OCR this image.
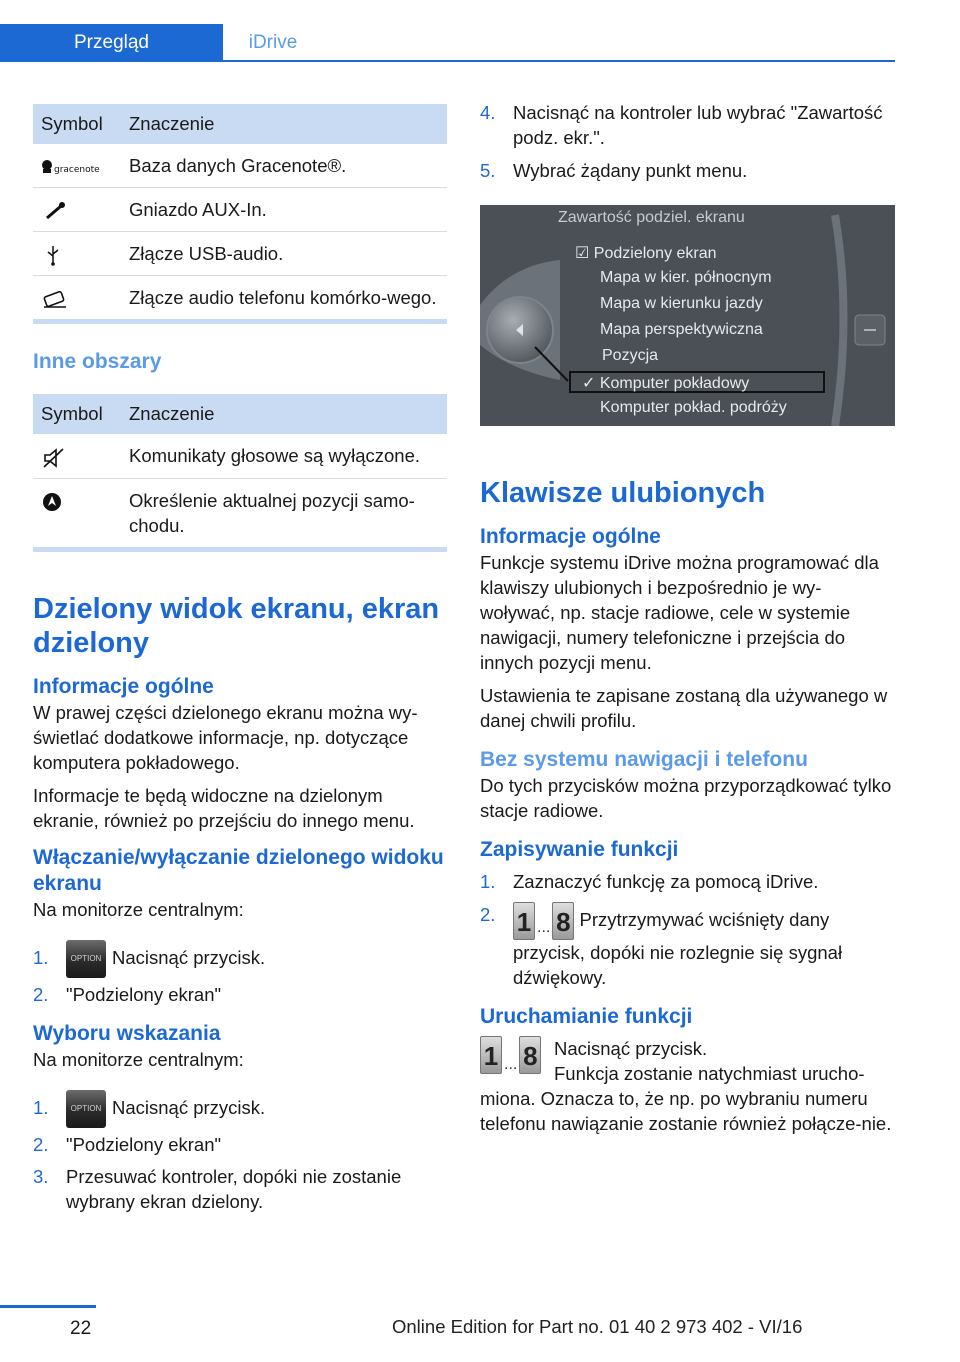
Przegląd	iDrive
Symbol	Znaczenie

gracenote	Baza danych Gracenote®.
	Gniazdo AUX-In.
	Złącze USB-audio.
	Złącze audio telefonu komórko‐wego.
Inne obszary
Symbol	Znaczenie
	Komunikaty głosowe są wyłączone.
	Określenie aktualnej pozycji samo‐chodu.
Dzielony widok ekranu, ekran dzielony
Informacje ogólne

W prawej części dzielonego ekranu można wy‐świetlać dodatkowe informacje, np. dotyczące komputera pokładowego.

Informacje te będą widoczne na dzielonym ekranie, również po przejściu do innego menu.

Włączanie/wyłączanie dzielonego widoku ekranu

Na monitorze centralnym:

1.	OPTION Nacisnąć przycisk.
2. "Podzielony ekran"
Wyboru wskazania

Na monitorze centralnym:

1.	OPTION Nacisnąć przycisk.
2. "Podzielony ekran"
3. Przesuwać kontroler, dopóki nie zostanie wybrany ekran dzielony.
4. Nacisnąć na kontroler lub wybrać "Zawartość podz. ekr.".
5. Wybrać żądany punkt menu.
Zawartość podziel. ekranu
☑ Podzielony ekran
Mapa w kier. północnym
Mapa w kierunku jazdy
Mapa perspektywiczna
Pozycja
✓ Komputer pokładowy
Komputer pokład. podróży
Klawisze ulubionych
Informacje ogólne

Funkcje systemu iDrive można programować dla klawiszy ulubionych i bezpośrednio je wy‐woływać, np. stacje radiowe, cele w systemie nawigacji, numery telefoniczne i przejścia do innych pozycji menu.

Ustawienia te zapisane zostaną dla używanego w danej chwili profilu.

Bez systemu nawigacji i telefonu

Do tych przycisków można przyporządkować tylko stacje radiowe.

Zapisywanie funkcji
1. Zaznaczyć funkcję za pomocą iDrive.
2. 1 ... 8 Przytrzymywać wciśnięty dany przycisk, dopóki nie rozlegnie się sygnał dźwiękowy.
Uruchamianie funkcji
1 ... 8 Nacisnąć przycisk.

Funkcja zostanie natychmiast urucho‐miona. Oznacza to, że np. po wybraniu numeru telefonu nawiązanie zostanie również połącze‐nie.

22	Online Edition for Part no. 01 40 2 973 402 - VI/16
